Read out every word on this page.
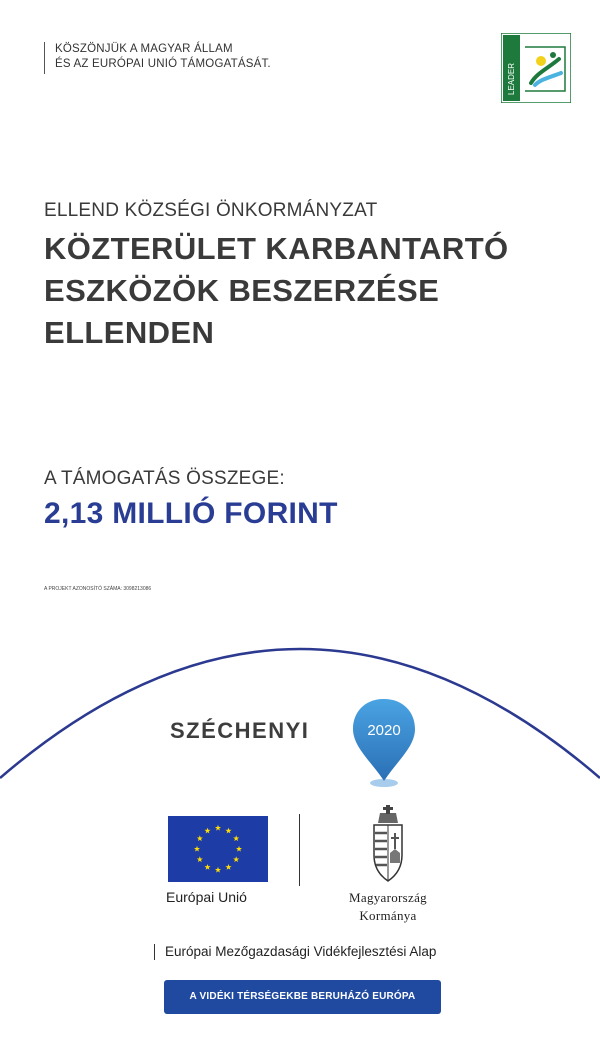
KÖSZÖNJÜK A MAGYAR ÁLLAM
ÉS AZ EURÓPAI UNIÓ TÁMOGATÁSÁT.	LEADER
ELLEND KÖZSÉGI ÖNKORMÁNYZAT
KÖZTERÜLET KARBANTARTÓ
ESZKÖZÖK BESZERZÉSE
ELLENDEN
A TÁMOGATÁS ÖSSZEGE:
2,13 MILLIÓ FORINT
A PROJEKT AZONOSÍTÓ SZÁMA: 3098213086
SZÉCHENYI	2020
Európai Unió	Magyarország
Kormánya
Európai Mezőgazdasági Vidékfejlesztési Alap
A VIDÉKI TÉRSÉGEKBE BERUHÁZÓ EURÓPA
